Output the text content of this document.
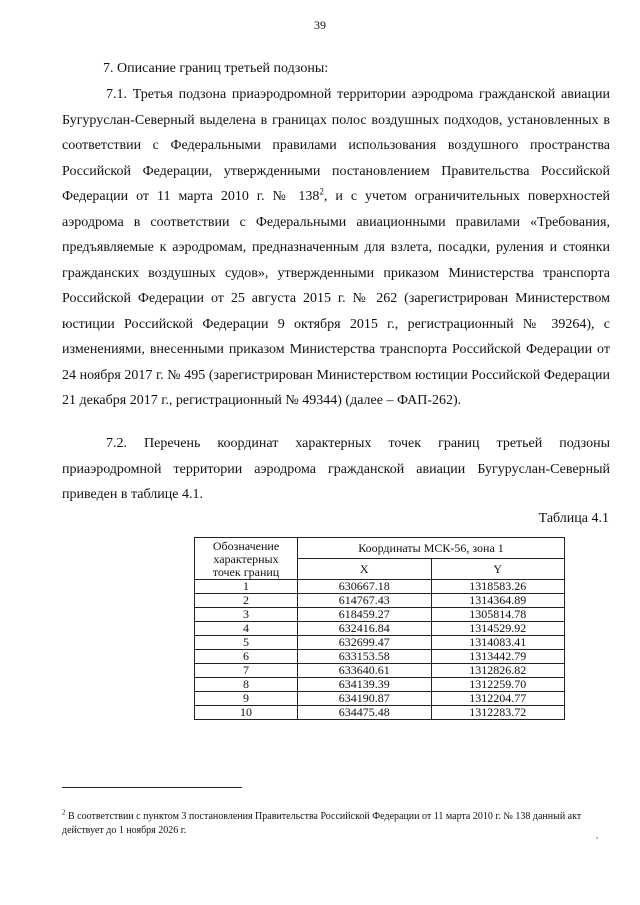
39
7. Описание границ третьей подзоны:

7.1. Третья подзона приаэродромной территории аэродрома гражданской авиации Бугуруслан-Северный выделена в границах полос воздушных подходов, установленных в соответствии с Федеральными правилами использования воздушного пространства Российской Федерации, утвержденными постановлением Правительства Российской Федерации от 11 марта 2010 г. № $138^2$, и с учетом ограничительных поверхностей аэродрома в соответствии с Федеральными авиационными правилами «Требования, предъявляемые к аэродромам, предназначенным для взлета, посадки, руления и стоянки гражданских воздушных судов», утвержденными приказом Министерства транспорта Российской Федерации от 25 августа 2015 г. № 262 (зарегистрирован Министерством юстиции Российской Федерации 9 октября 2015 г., регистрационный № 39264), с изменениями, внесенными приказом Министерства транспорта Российской Федерации от 24 ноября 2017 г. № 495 (зарегистрирован Министерством юстиции Российской Федерации 21 декабря 2017 г., регистрационный № 49344) (далее – ФАП-262).

7.2. Перечень координат характерных точек границ третьей подзоны приаэродромной территории аэродрома гражданской авиации Бугуруслан-Северный приведен в таблице 4.1.

Таблица 4.1
Обозначение характерных точек границ	Координаты МСК-56, зона 1	
	X	Y
1	630667.18	1318583.26
2	614767.43	1314364.89
3	618459.27	1305814.78
4	632416.84	1314529.92
5	632699.47	1314083.41
6	633153.58	1313442.79
7	633640.61	1312826.82
8	634139.39	1312259.70
9	634190.87	1312204.77
10	634475.48	1312283.72
$^2$ В соответствии с пунктом 3 постановления Правительства Российской Федерации от 11 марта 2010 г. № 138 данный акт действует до 1 ноября 2026 г.	,
